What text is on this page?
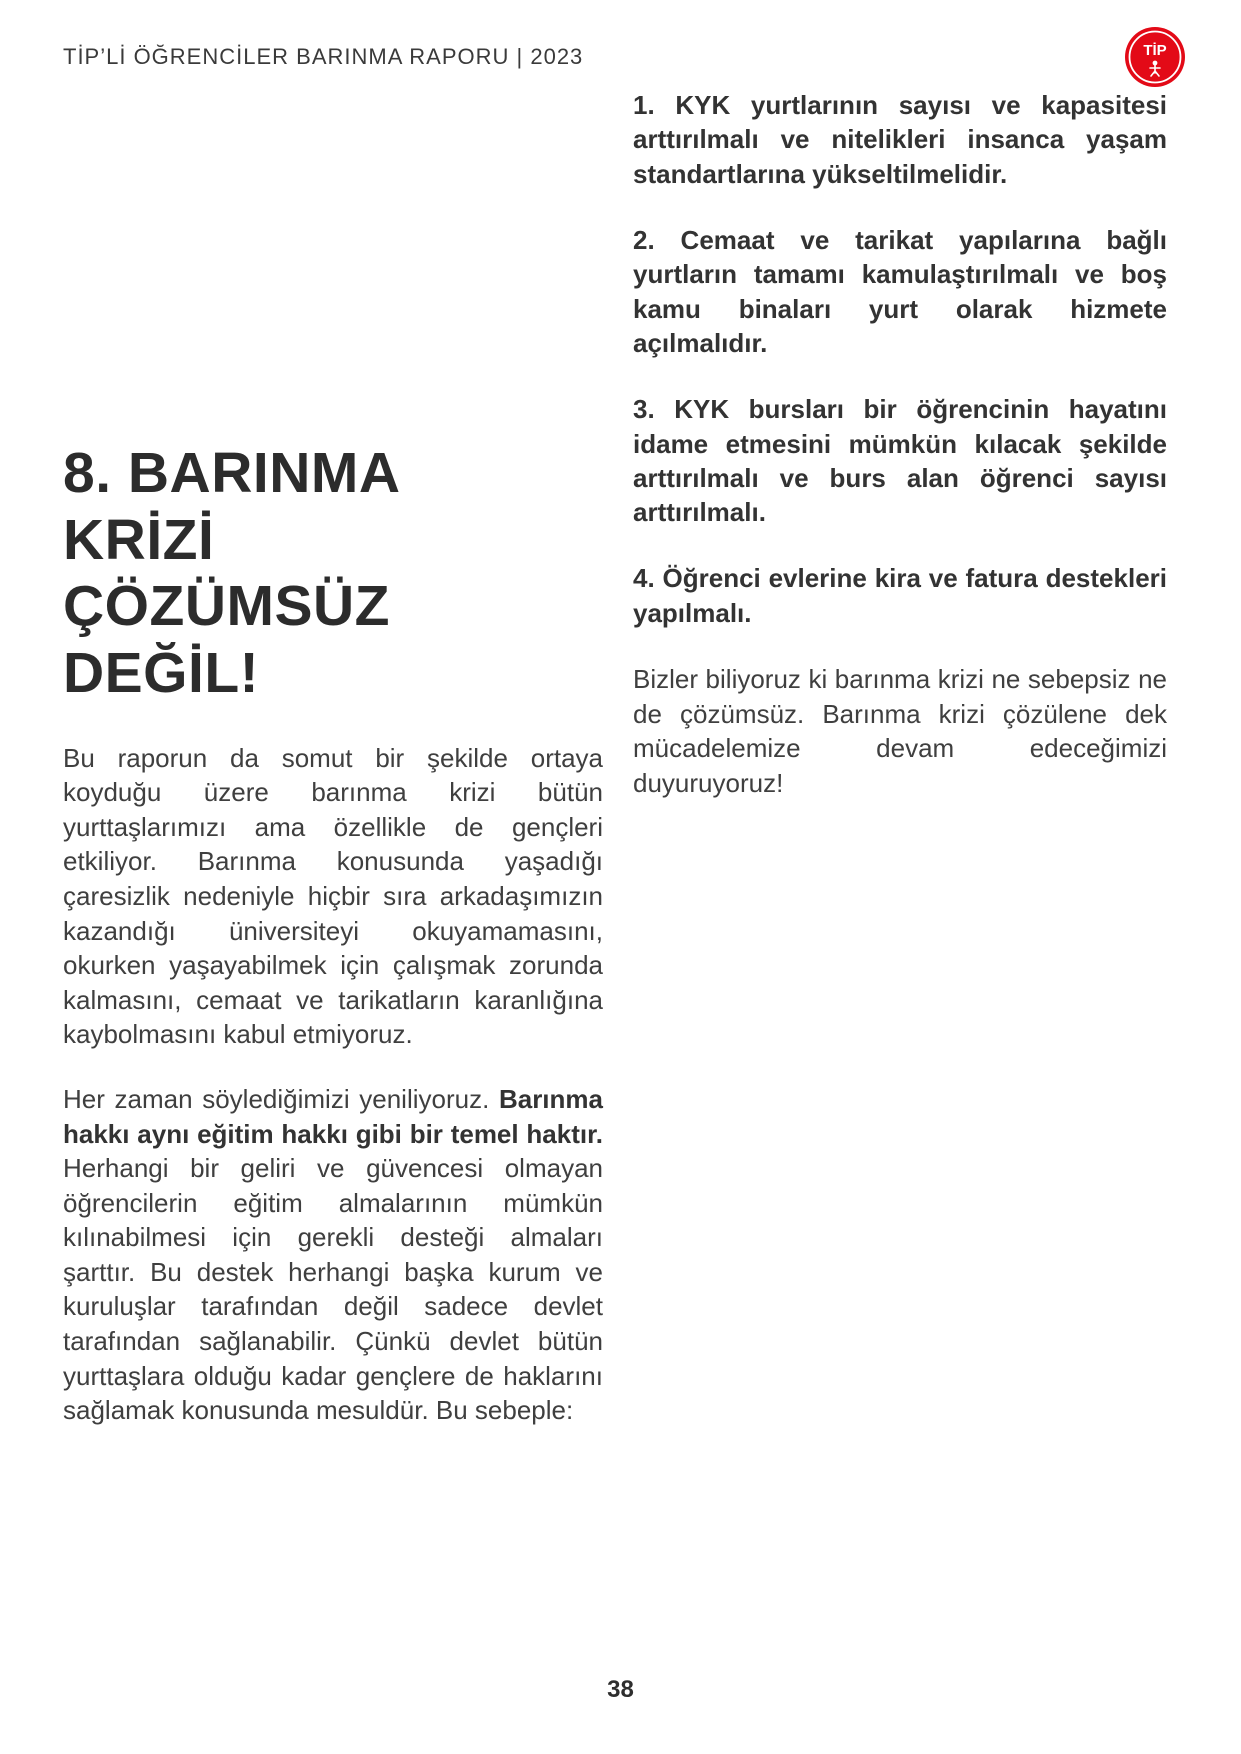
TİP’Lİ ÖĞRENCİLER BARINMA RAPORU | 2023	TİP
8. BARINMA
KRİZİ
ÇÖZÜMSÜZ
DEĞİL!

Bu raporun da somut bir şekilde ortaya koyduğu üzere barınma krizi bütün yurttaşlarımızı ama özellikle de gençleri etkiliyor. Barınma konusunda yaşadığı çaresizlik nedeniyle hiçbir sıra arkadaşımızın kazandığı üniversiteyi okuyamamasını, okurken yaşayabilmek için çalışmak zorunda kalmasını, cemaat ve tarikatların karanlığına kaybolmasını kabul etmiyoruz.

Her zaman söylediğimizi yeniliyoruz. Barınma hakkı aynı eğitim hakkı gibi bir temel haktır. Herhangi bir geliri ve güvencesi olmayan öğrencilerin eğitim almalarının mümkün kılınabilmesi için gerekli desteği almaları şarttır. Bu destek herhangi başka kurum ve kuruluşlar tarafından değil sadece devlet tarafından sağlanabilir. Çünkü devlet bütün yurttaşlara olduğu kadar gençlere de haklarını sağlamak konusunda mesuldür. Bu sebeple:

1. KYK yurtlarının sayısı ve kapasitesi arttırılmalı ve nitelikleri insanca yaşam standartlarına yükseltilmelidir.

2. Cemaat ve tarikat yapılarına bağlı yurtların tamamı kamulaştırılmalı ve boş kamu binaları yurt olarak hizmete açılmalıdır.

3. KYK bursları bir öğrencinin hayatını idame etmesini mümkün kılacak şekilde arttırılmalı ve burs alan öğrenci sayısı arttırılmalı.

4. Öğrenci evlerine kira ve fatura destekleri yapılmalı.

Bizler biliyoruz ki barınma krizi ne sebepsiz ne de çözümsüz. Barınma krizi çözülene dek mücadelemize devam edeceğimizi duyuruyoruz!

38
